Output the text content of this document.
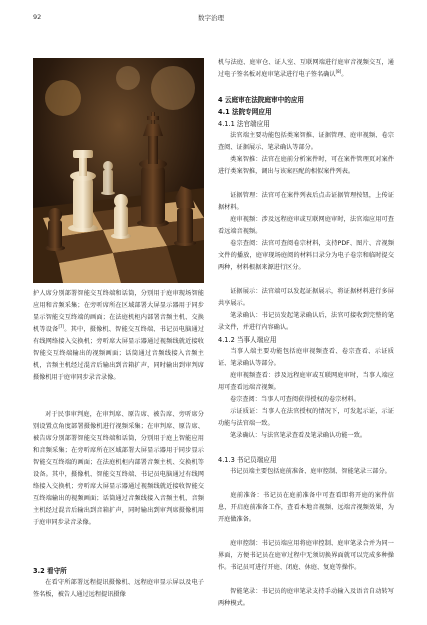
92	数字治理

护人席分别部署智能交互终端和话筒，分别用于庭审现场智能应用和音频采集；在旁听席所在区域部署大屏显示器用于同步显示智能交互终端的画面；在法庭机柜内部署音频主机、交换机等设备[7]。其中，摄像机、智能交互终端、书记员电脑通过有线网络接入交换机；旁听席大屏显示器通过视频线就近接收智能交互终端输出的视频画面；话筒通过音频线接入音频主机，音频主机经过混音后输出到音箱扩声，同时输出到审判席摄像机用于庭审同步录音录像。

对于民事审判庭，在审判席、原告席、被告席、旁听席分别设置点角度部署摄像机进行视频采集；在审判席、原告席、被告席分别部署智能交互终端和话筒，分别用于庭上智能应用和音频采集；在旁听席所在区域部署大屏显示器用于同步显示智能交互终端的画面；在法庭机柜内部署音频主机、交换机等设备。其中，摄像机、智能交互终端、书记员电脑通过有线网络接入交换机；旁听席大屏显示器通过视频线就近接收智能交互终端输出的视频画面；话筒通过音频线接入音频主机，音频主机经过混音后输出到音箱扩声，同时输出到审判席摄像机用于庭审同步录音录像。

3.2 看守所

在看守所部署远程提讯摄像机、远程庭审显示屏以及电子签名板，被告人通过远程提讯摄像

机与法庭、庭审仓、证人室、互联网端进行庭审音视频交互，通过电子签名板对庭审笔录进行电子签名确认[8]。

4 云庭审在法院庭审中的应用

4.1 法院专网应用

4.1.1 法官端应用

法官端主要功能包括类案智推、证据管理、庭审视频、卷宗查阅、证据展示、笔录确认等部分。

类案智推：法官在庭前分析案件时，可在案件管理页对案件进行类案智推，调出与该案匹配的相似案件列表。

证据管理：法官可在案件列表后点击证据管理按钮，上传证据材料。

庭审视频：涉及远程庭审或互联网庭审时，法官端应用可查看远端音视频。

卷宗查阅：法官可查阅卷宗材料，支持PDF、图片、音视频文件的播放，庭审现场庭阅的材料目录分为电子卷宗和临时提交两种，材料根据来源进行区分。

证据展示：法官端可以发起证据展示，将证据材料进行多屏共享展示。

笔录确认：书记员发起笔录确认后，法官可接收到完整的笔录文件，并进行内容确认。

4.1.2 当事人端应用

当事人端主要功能包括庭审视频查看、卷宗查看、示证质证、笔录确认等部分。

庭审视频查看：涉及远程庭审或互联网庭审时，当事人端应用可查看远端音视频。

卷宗查阅：当事人可查阅获得授权的卷宗材料。

示证质证：当事人在法官授权的情况下，可发起示证，示证功能与法官端一致。

笔录确认：与法官笔录查看及笔录确认功能一致。

4.1.3 书记员端应用

书记员端主要包括庭前准备、庭审控制、智能笔录三部分。

庭前准备：书记员在庭前准备中可查看即将开庭的案件信息，开启庭前准备工作，查看本地音视频、远端音视频效果，为开庭做准备。

庭审控制：书记员端应用将庭审控制、庭审笔录合并为同一界面，方便书记员在庭审过程中无须切换界面就可以完成多种操作。书记员可进行开庭、闭庭、休庭、复庭等操作。

智能笔录：书记员的庭审笔录支持手动输入及语音自动转写两种模式。
